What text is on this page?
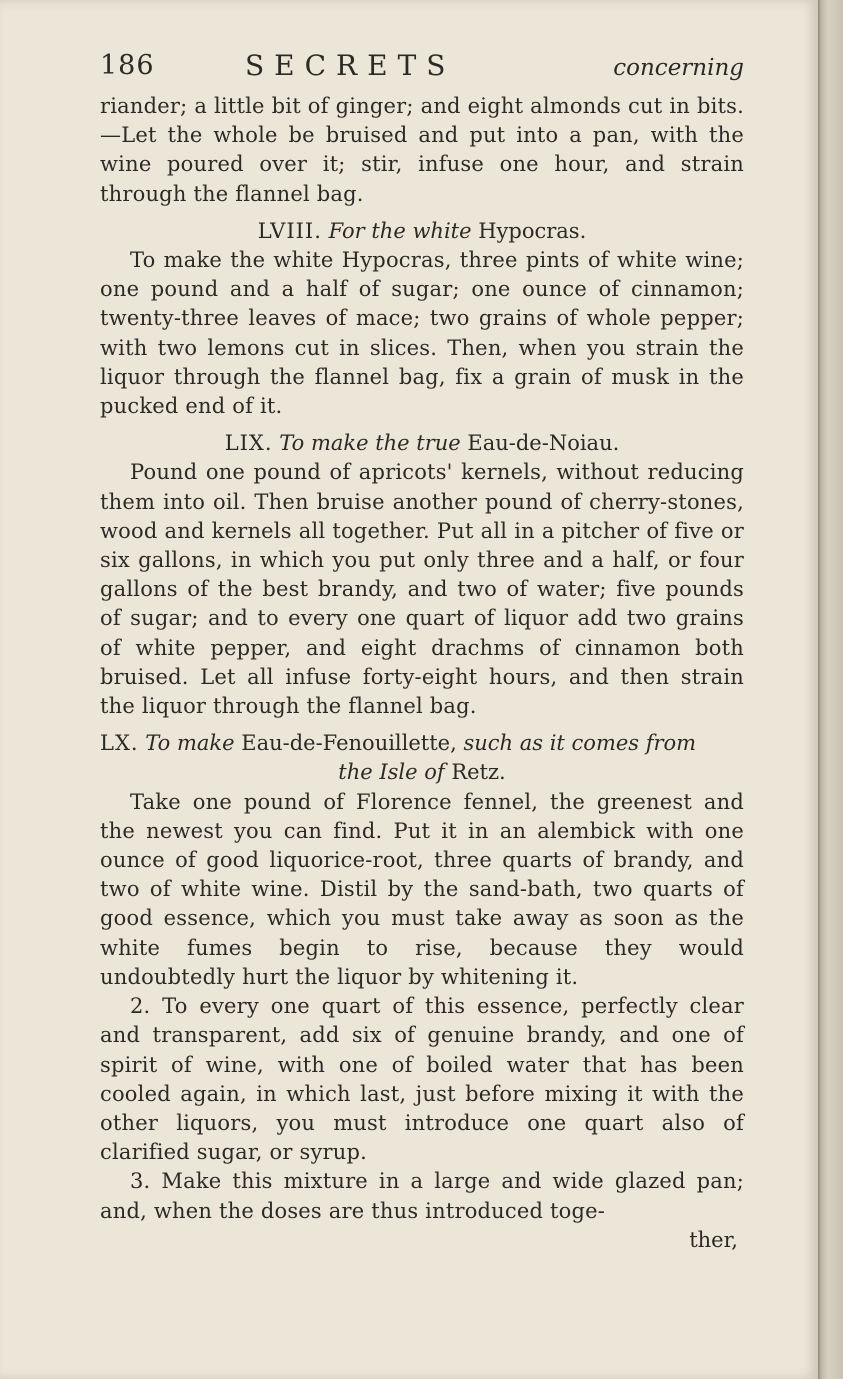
186	SECRETS	concerning

riander; a little bit of ginger; and eight almonds cut in bits.—Let the whole be bruised and put into a pan, with the wine poured over it; stir, infuse one hour, and strain through the flannel bag.

LVIII. For the white Hypocras.

To make the white Hypocras, three pints of white wine; one pound and a half of sugar; one ounce of cinnamon; twenty-three leaves of mace; two grains of whole pepper; with two lemons cut in slices. Then, when you strain the liquor through the flannel bag, fix a grain of musk in the pucked end of it.

LIX. To make the true Eau-de-Noiau.

Pound one pound of apricots' kernels, without reducing them into oil. Then bruise another pound of cherry-stones, wood and kernels all together. Put all in a pitcher of five or six gallons, in which you put only three and a half, or four gallons of the best brandy, and two of water; five pounds of sugar; and to every one quart of liquor add two grains of white pepper, and eight drachms of cinnamon both bruised. Let all infuse forty-eight hours, and then strain the liquor through the flannel bag.

LX. To make Eau-de-Fenouillette, such as it comes from
the Isle of Retz.

Take one pound of Florence fennel, the greenest and the newest you can find. Put it in an alembick with one ounce of good liquorice-root, three quarts of brandy, and two of white wine. Distil by the sand-bath, two quarts of good essence, which you must take away as soon as the white fumes begin to rise, because they would undoubtedly hurt the liquor by whitening it.

2. To every one quart of this essence, perfectly clear and transparent, add six of genuine brandy, and one of spirit of wine, with one of boiled water that has been cooled again, in which last, just before mixing it with the other liquors, you must introduce one quart also of clarified sugar, or syrup.

3. Make this mixture in a large and wide glazed pan; and, when the doses are thus introduced toge-

ther,
